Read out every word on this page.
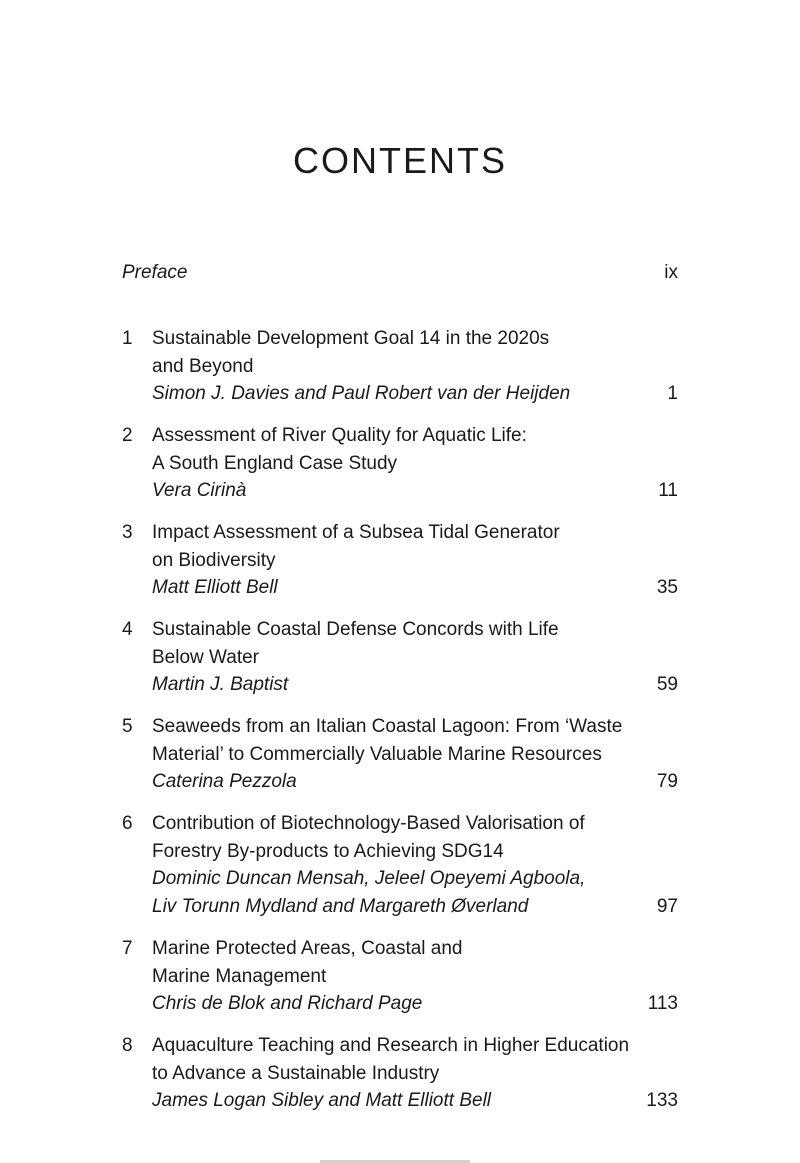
CONTENTS
Preface	ix
1	Sustainable Development Goal 14 in the 2020s
and Beyond
Simon J. Davies and Paul Robert van der Heijden	1
2	Assessment of River Quality for Aquatic Life:
A South England Case Study
Vera Cirinà	11
3	Impact Assessment of a Subsea Tidal Generator
on Biodiversity
Matt Elliott Bell	35
4	Sustainable Coastal Defense Concords with Life
Below Water
Martin J. Baptist	59
5	Seaweeds from an Italian Coastal Lagoon: From ‘Waste
Material’ to Commercially Valuable Marine Resources
Caterina Pezzola	79
6	Contribution of Biotechnology-Based Valorisation of
Forestry By-products to Achieving SDG14
Dominic Duncan Mensah, Jeleel Opeyemi Agboola,
Liv Torunn Mydland and Margareth Øverland	97
7	Marine Protected Areas, Coastal and
Marine Management
Chris de Blok and Richard Page	113
8	Aquaculture Teaching and Research in Higher Education
to Advance a Sustainable Industry
James Logan Sibley and Matt Elliott Bell	133
